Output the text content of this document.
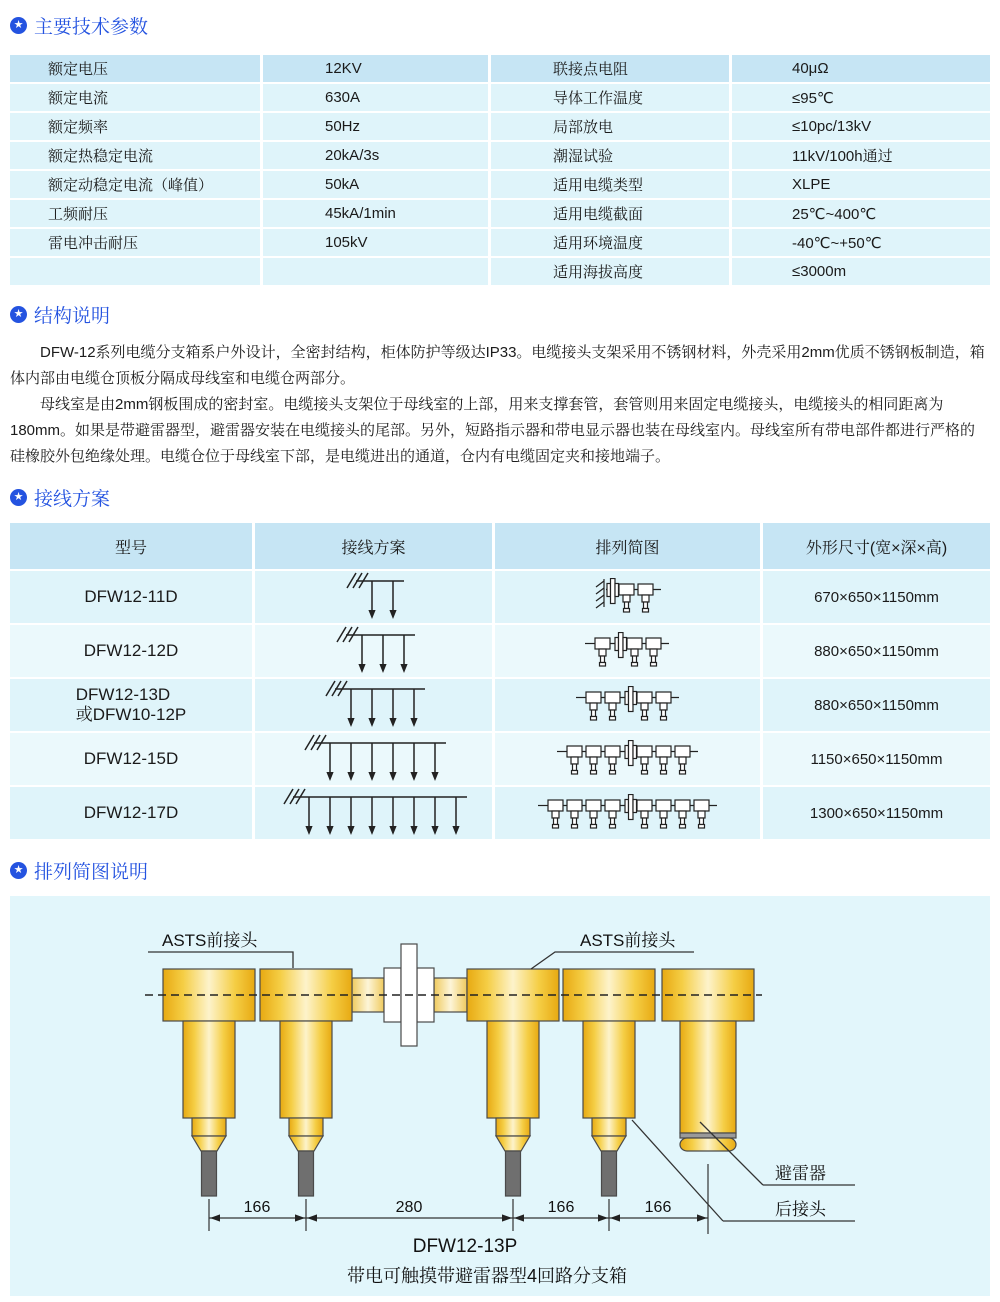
★ 主要技术参数
额定电压	12KV	联接点电阻	40μΩ
额定电流	630A	导体工作温度	≤95℃
额定频率	50Hz	局部放电	≤10pc/13kV
额定热稳定电流	20kA/3s	潮湿试验	11kV/100h通过
额定动稳定电流（峰值）	50kA	适用电缆类型	XLPE
工频耐压	45kA/1min	适用电缆截面	25℃~400℃
雷电冲击耐压	105kV	适用环境温度	-40℃~+50℃
适用海拔高度	≤3000m
★ 结构说明

DFW-12系列电缆分支箱系户外设计，全密封结构，柜体防护等级达IP33。电缆接头支架采用不锈钢材料，外壳采用2mm优质不锈钢板制造，箱体内部由电缆仓顶板分隔成母线室和电缆仓两部分。

母线室是由2mm钢板围成的密封室。电缆接头支架位于母线室的上部，用来支撑套管，套管则用来固定电缆接头，电缆接头的相同距离为180mm。如果是带避雷器型，避雷器安装在电缆接头的尾部。另外，短路指示器和带电显示器也装在母线室内。母线室所有带电部件都进行严格的硅橡胶外包绝缘处理。电缆仓位于母线室下部，是电缆进出的通道，仓内有电缆固定夹和接地端子。

★ 接线方案
型号	接线方案	排列简图	外形尺寸(宽×深×高)
DFW12-11D	670×650×1150mm
DFW12-12D	880×650×1150mm
DFW12-13D
或DFW10-12P	880×650×1150mm
DFW12-15D	1150×650×1150mm
DFW12-17D	1300×650×1150mm
★ 排列简图说明
ASTS前接头	ASTS前接头
避雷器
后接头
166	280	166	166
DFW12-13P
带电可触摸带避雷器型4回路分支箱
